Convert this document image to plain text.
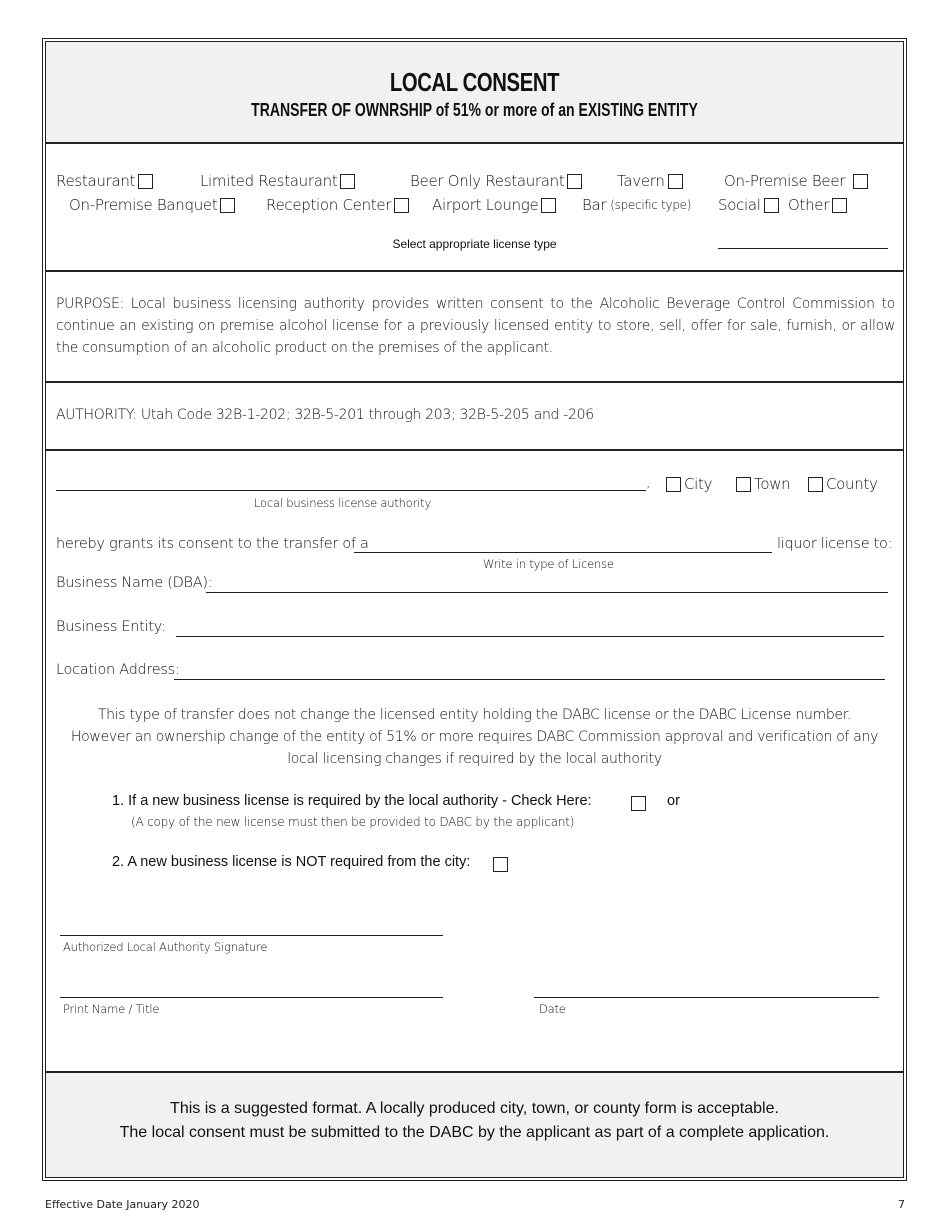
LOCAL CONSENT
TRANSFER OF OWNRSHIP of 51% or more of an EXISTING ENTITY
Restaurant	Limited Restaurant	Beer Only Restaurant	Tavern	On-Premise Beer
On-Premise Banquet	Reception Center	Airport Lounge	Bar (specific type) Social Other
Select appropriate license type
PURPOSE: Local business licensing authority provides written consent to the Alcoholic Beverage Control Commission to continue an existing on premise alcohol license for a previously licensed entity to store, sell, offer for sale, furnish, or allow the consumption of an alcoholic product on the premises of the applicant.
AUTHORITY: Utah Code 32B-1-202; 32B-5-201 through 203; 32B-5-205 and -206
,
Local business license authority
City	Town County
hereby grants its consent to the transfer of a	liquor license to:
Write in type of License
Business Name (DBA):
Business Entity:
Location Address:
This type of transfer does not change the licensed entity holding the DABC license or the DABC License number.
However an ownership change of the entity of 51% or more requires DABC Commission approval and verification of any local licensing changes if required by the local authority
1. If a new business license is required by the local authority - Check Here:	or
(A copy of the new license must then be provided to DABC by the applicant)
2. A new business license is NOT required from the city:
Authorized Local Authority Signature
Print Name / Title	Date
This is a suggested format. A locally produced city, town, or county form is acceptable.
The local consent must be submitted to the DABC by the applicant as part of a complete application.
Effective Date January 2020	7
